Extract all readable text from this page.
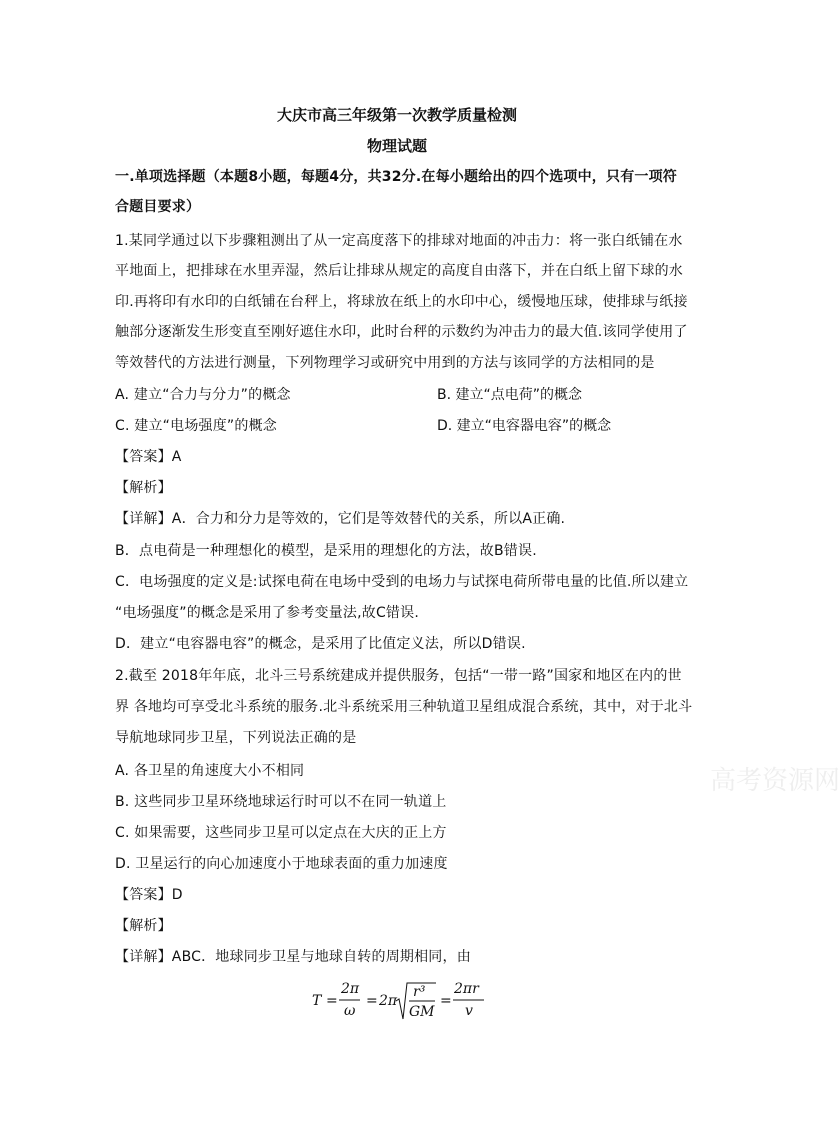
大庆市高三年级第一次教学质量检测
物理试题
一.单项选择题（本题8小题，每题4分，共32分.在每小题给出的四个选项中，只有一项符
合题目要求）
1.某同学通过以下步骤粗测出了从一定高度落下的排球对地面的冲击力：将一张白纸铺在水
平地面上，把排球在水里弄湿，然后让排球从规定的高度自由落下，并在白纸上留下球的水
印.再将印有水印的白纸铺在台秤上，将球放在纸上的水印中心，缓慢地压球，使排球与纸接
触部分逐渐发生形变直至刚好遮住水印，此时台秤的示数约为冲击力的最大值.该同学使用了
等效替代的方法进行测量，下列物理学习或研究中用到的方法与该同学的方法相同的是
A. 建立“合力与分力”的概念	B. 建立“点电荷”的概念
C. 建立“电场强度”的概念	D. 建立“电容器电容”的概念
【答案】A
【解析】
【详解】A．合力和分力是等效的，它们是等效替代的关系，所以A正确.
B．点电荷是一种理想化的模型，是采用的理想化的方法，故B错误.
C．电场强度的定义是:试探电荷在电场中受到的电场力与试探电荷所带电量的比值.所以建立
“电场强度”的概念是采用了参考变量法,故C错误.
D．建立“电容器电容”的概念，是采用了比值定义法，所以D错误.
2.截至 2018年年底，北斗三号系统建成并提供服务，包括“一带一路”国家和地区在内的世
界 各地均可享受北斗系统的服务.北斗系统采用三种轨道卫星组成混合系统，其中，对于北斗
导航地球同步卫星，下列说法正确的是
A. 各卫星的角速度大小不相同
B. 这些同步卫星环绕地球运行时可以不在同一轨道上
C. 如果需要，这些同步卫星可以定点在大庆的正上方
D. 卫星运行的向心加速度小于地球表面的重力加速度
【答案】D
【解析】
【详解】ABC．地球同步卫星与地球自转的周期相同，由
高考资源网
T =
2π
ω
= 2π
r³
GM
=
2πr
v
